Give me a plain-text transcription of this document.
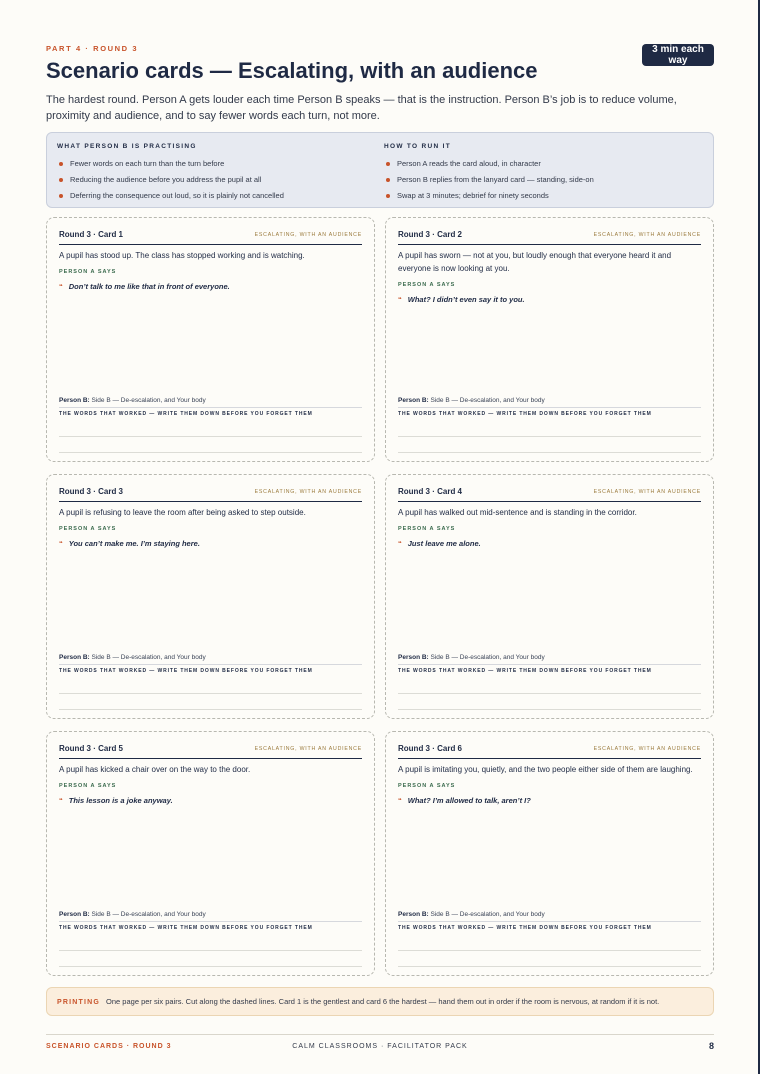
PART 4 · ROUND 3	3 min each way
Scenario cards — Escalating, with an audience

The hardest round. Person A gets louder each time Person B speaks — that is the instruction. Person B’s job is to reduce volume, proximity and audience, and to say fewer words each turn, not more.

WHAT PERSON B IS PRACTISING
Fewer words on each turn than the turn before
Reducing the audience before you address the pupil at all
Deferring the consequence out loud, so it is plainly not cancelled
HOW TO RUN IT
Person A reads the card aloud, in character
Person B replies from the lanyard card — standing, side-on
Swap at 3 minutes; debrief for ninety seconds
Round 3 · Card 1	ESCALATING, WITH AN AUDIENCE
A pupil has stood up. The class has stopped working and is watching.
PERSON A SAYS
“ Don’t talk to me like that in front of everyone.
Person B: Side B — De-escalation, and Your body
THE WORDS THAT WORKED — WRITE THEM DOWN BEFORE YOU FORGET THEM
Round 3 · Card 2	ESCALATING, WITH AN AUDIENCE
A pupil has sworn — not at you, but loudly enough that everyone heard it and everyone is now looking at you.
PERSON A SAYS
“ What? I didn’t even say it to you.
Person B: Side B — De-escalation, and Your body
THE WORDS THAT WORKED — WRITE THEM DOWN BEFORE YOU FORGET THEM
Round 3 · Card 3	ESCALATING, WITH AN AUDIENCE
A pupil is refusing to leave the room after being asked to step outside.
PERSON A SAYS
“ You can’t make me. I’m staying here.
Person B: Side B — De-escalation, and Your body
THE WORDS THAT WORKED — WRITE THEM DOWN BEFORE YOU FORGET THEM
Round 3 · Card 4	ESCALATING, WITH AN AUDIENCE
A pupil has walked out mid-sentence and is standing in the corridor.
PERSON A SAYS
“ Just leave me alone.
Person B: Side B — De-escalation, and Your body
THE WORDS THAT WORKED — WRITE THEM DOWN BEFORE YOU FORGET THEM
Round 3 · Card 5	ESCALATING, WITH AN AUDIENCE
A pupil has kicked a chair over on the way to the door.
PERSON A SAYS
“ This lesson is a joke anyway.
Person B: Side B — De-escalation, and Your body
THE WORDS THAT WORKED — WRITE THEM DOWN BEFORE YOU FORGET THEM
Round 3 · Card 6	ESCALATING, WITH AN AUDIENCE
A pupil is imitating you, quietly, and the two people either side of them are laughing.
PERSON A SAYS
“ What? I’m allowed to talk, aren’t I?
Person B: Side B — De-escalation, and Your body
THE WORDS THAT WORKED — WRITE THEM DOWN BEFORE YOU FORGET THEM
PRINTING One page per six pairs. Cut along the dashed lines. Card 1 is the gentlest and card 6 the hardest — hand them out in order if the room is nervous, at random if it is not.
CALM CLASSROOMS · FACILITATOR PACK
SCENARIO CARDS · ROUND 3	8
